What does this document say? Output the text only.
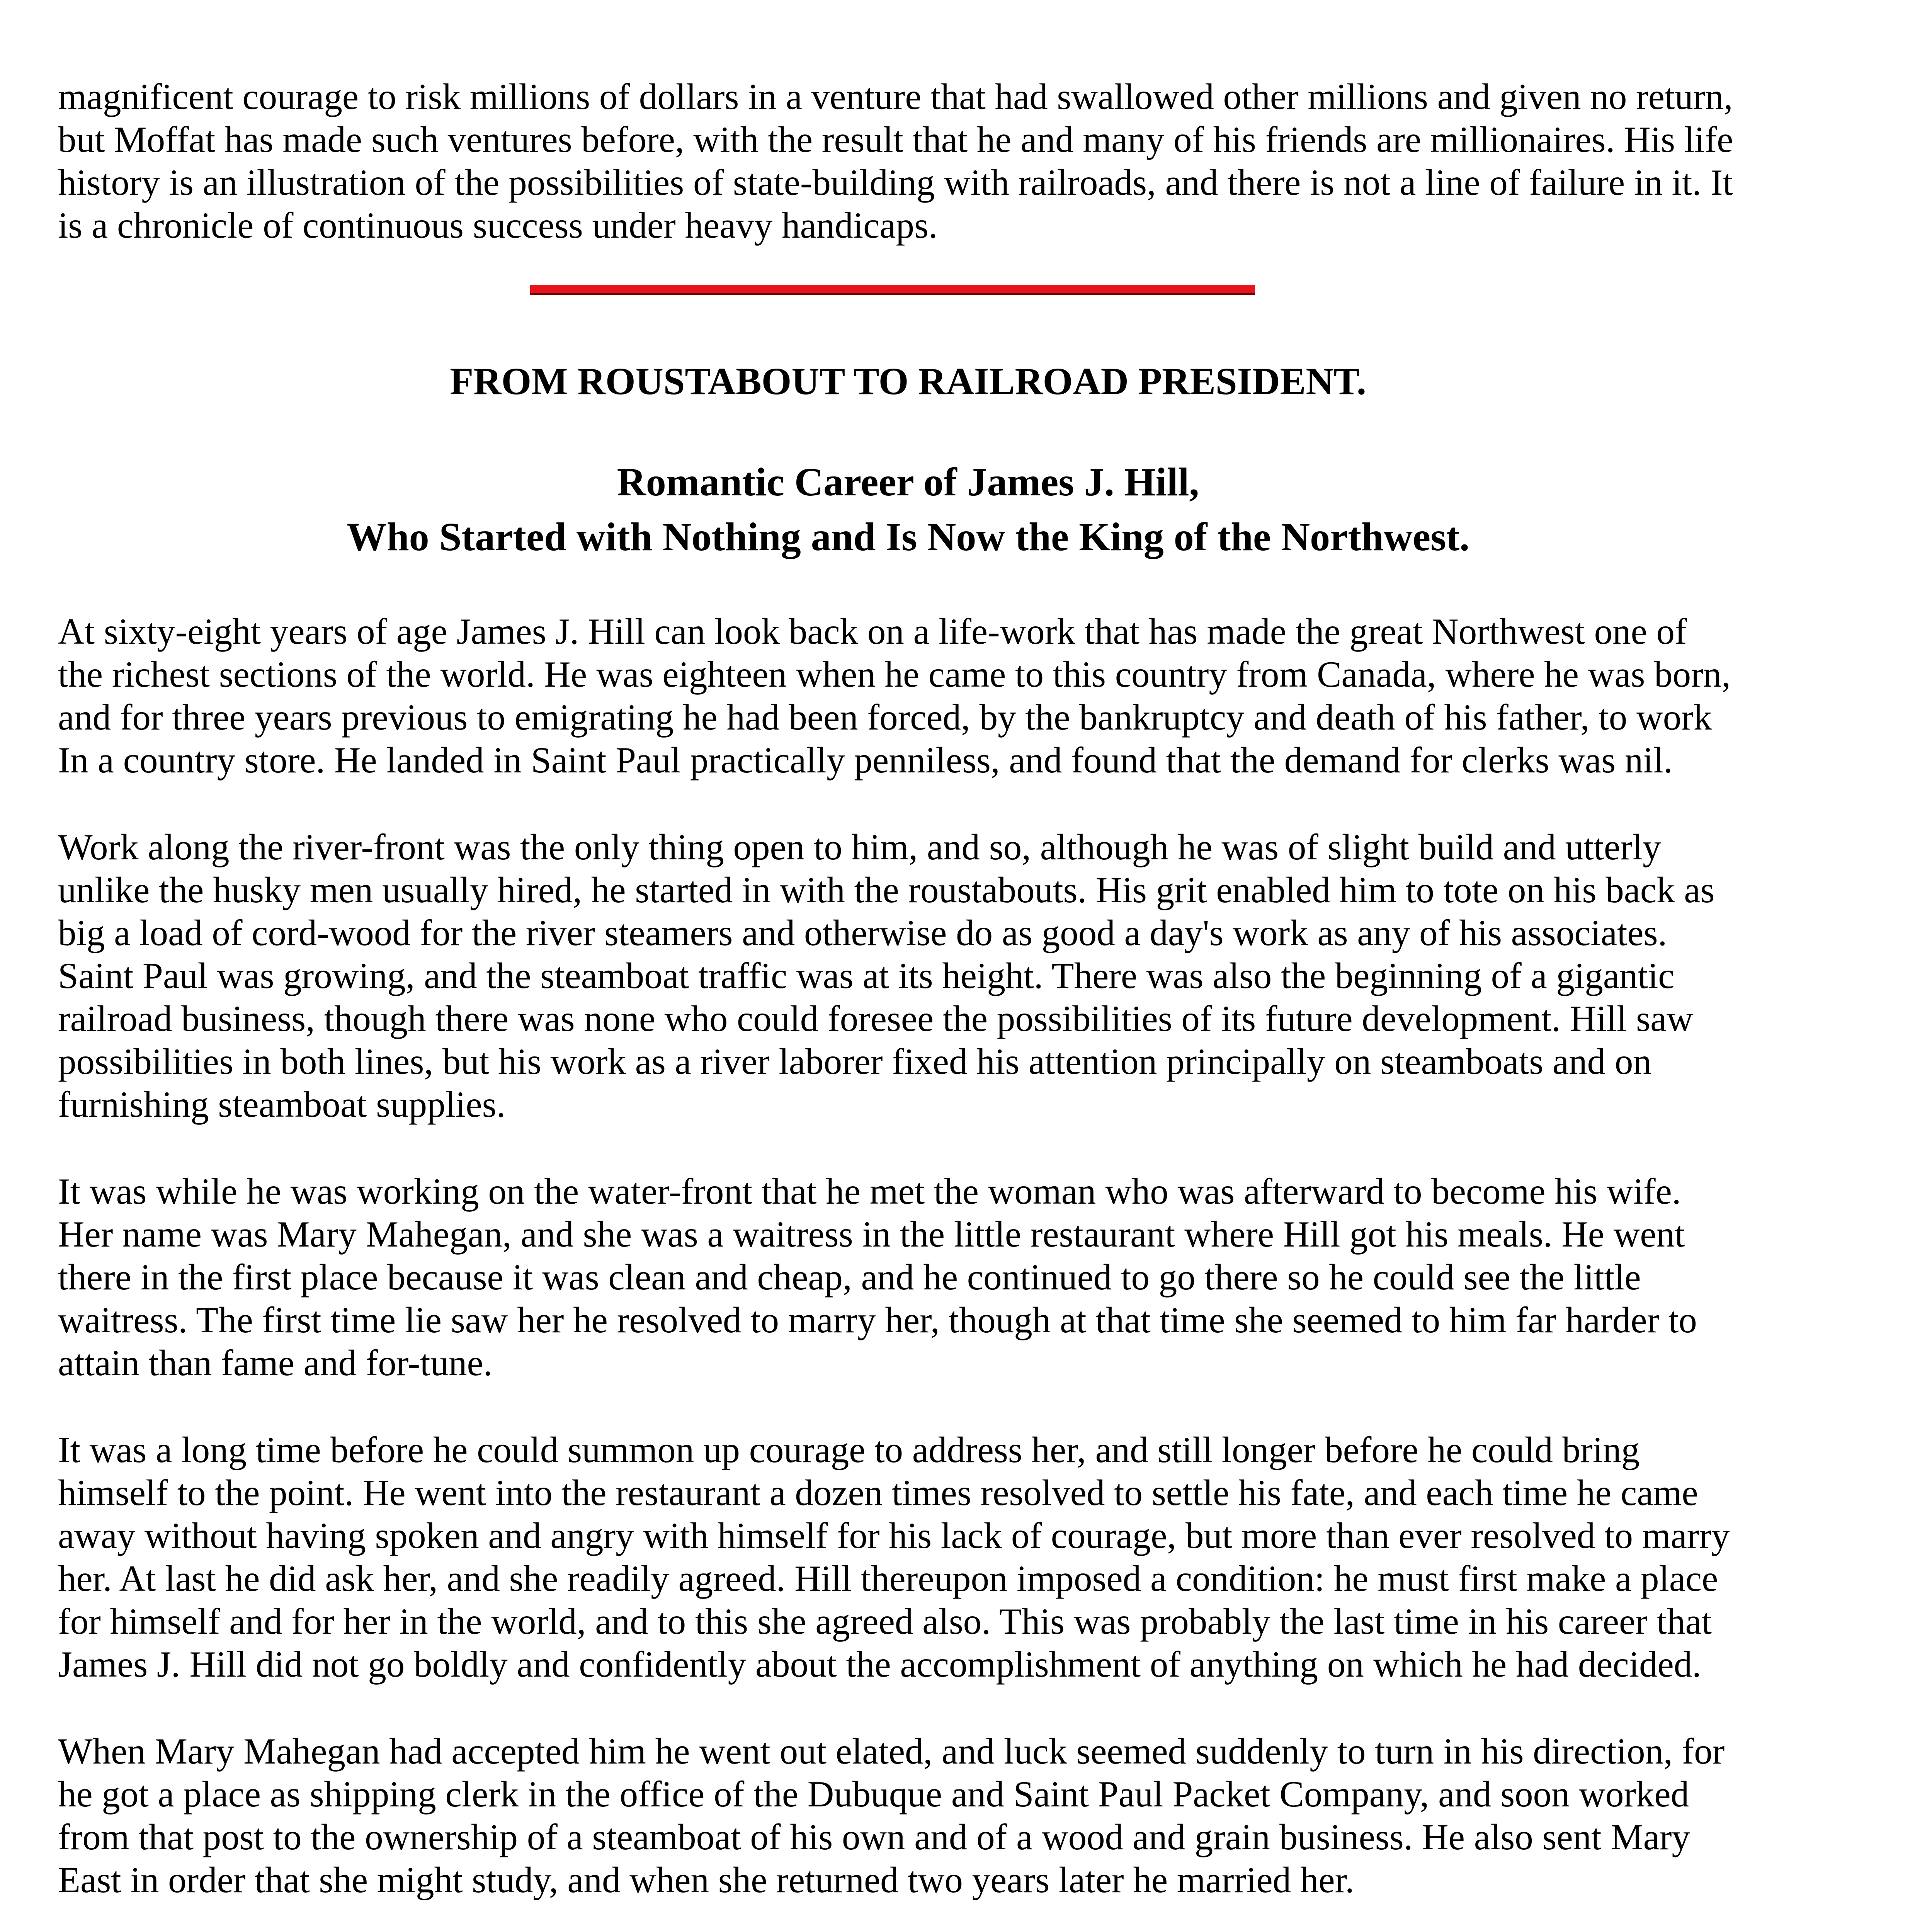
magnificent courage to risk millions of dollars in a venture that had swallowed other millions and given no return, but Moffat has made such ventures before, with the result that he and many of his friends are millionaires. His life history is an illustration of the possibilities of state-building with railroads, and there is not a line of failure in it. It is a chronicle of continuous success under heavy handicaps.

FROM ROUSTABOUT TO RAILROAD PRESIDENT.
Romantic Career of James J. Hill,
Who Started with Nothing and Is Now the King of the Northwest.

At sixty-eight years of age James J. Hill can look back on a life-work that has made the great Northwest one of the richest sections of the world. He was eighteen when he came to this country from Canada, where he was born, and for three years previous to emigrating he had been forced, by the bankruptcy and death of his father, to work In a country store. He landed in Saint Paul practically penniless, and found that the demand for clerks was nil.

Work along the river-front was the only thing open to him, and so, although he was of slight build and utterly unlike the husky men usually hired, he started in with the roustabouts. His grit enabled him to tote on his back as big a load of cord-wood for the river steamers and otherwise do as good a day's work as any of his associates. Saint Paul was growing, and the steamboat traffic was at its height. There was also the beginning of a gigantic railroad business, though there was none who could foresee the possibilities of its future development. Hill saw possibilities in both lines, but his work as a river laborer fixed his attention principally on steamboats and on furnishing steamboat supplies.

It was while he was working on the water-front that he met the woman who was afterward to become his wife. Her name was Mary Mahegan, and she was a waitress in the little restaurant where Hill got his meals. He went there in the first place because it was clean and cheap, and he continued to go there so he could see the little waitress. The first time lie saw her he resolved to marry her, though at that time she seemed to him far harder to attain than fame and for-tune.

It was a long time before he could summon up courage to address her, and still longer before he could bring himself to the point. He went into the restaurant a dozen times resolved to settle his fate, and each time he came away without having spoken and angry with himself for his lack of courage, but more than ever resolved to marry her. At last he did ask her, and she readily agreed. Hill thereupon imposed a condition: he must first make a place for himself and for her in the world, and to this she agreed also. This was probably the last time in his career that James J. Hill did not go boldly and confidently about the accomplishment of anything on which he had decided.

When Mary Mahegan had accepted him he went out elated, and luck seemed suddenly to turn in his direction, for he got a place as shipping clerk in the office of the Dubuque and Saint Paul Packet Company, and soon worked from that post to the ownership of a steamboat of his own and of a wood and grain business. He also sent Mary East in order that she might study, and when she returned two years later he married her.
